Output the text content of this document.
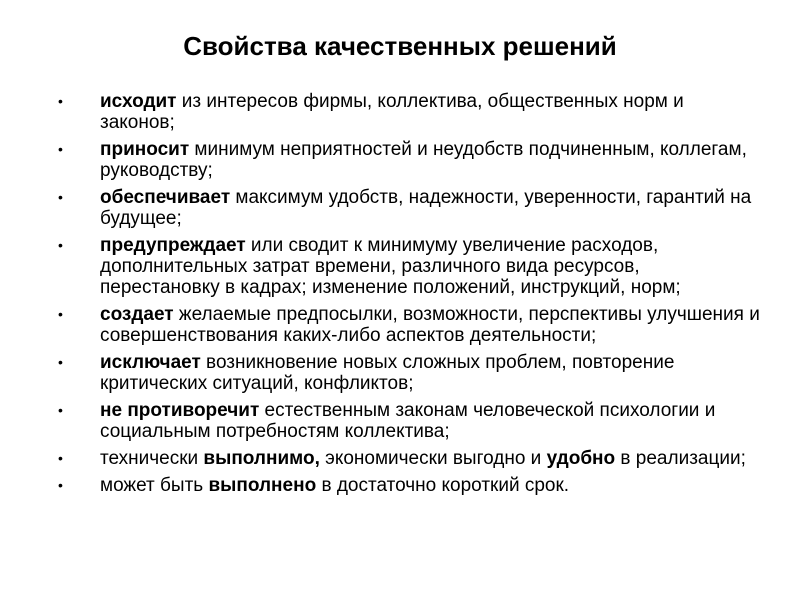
Свойства качественных решений
• исходит из интересов фирмы, коллектива, общественных норм и законов;
• приносит минимум неприятностей и неудобств подчиненным, коллегам, руководству;
• обеспечивает максимум удобств, надежности, уверенности, гарантий на будущее;
• предупреждает или сводит к минимуму увеличение расходов, дополнительных затрат времени, различного вида ресурсов, перестановку в кадрах; изменение положений, инструкций, норм;
• создает желаемые предпосылки, возможности, перспективы улучшения и совершенствования каких-либо аспектов деятельности;
• исключает возникновение новых сложных проблем, повторение критических ситуаций, конфликтов;
• не противоречит естественным законам человеческой психологии и социальным потребностям коллектива;
• технически выполнимо, экономически выгодно и удобно в реализации;
• может быть выполнено в достаточно короткий срок.
